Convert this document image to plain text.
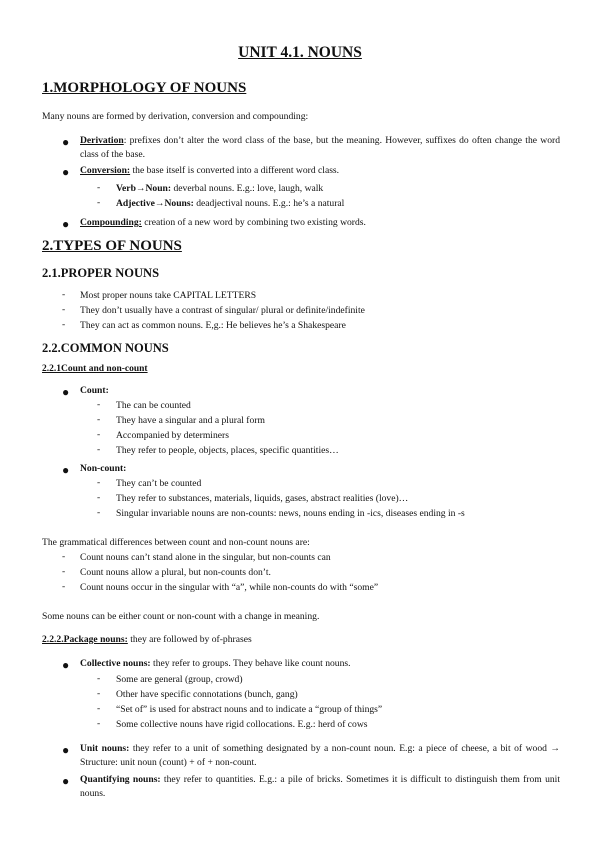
UNIT 4.1. NOUNS
1.MORPHOLOGY OF NOUNS
Many nouns are formed by derivation, conversion and compounding:
● Derivation: prefixes don’t alter the word class of the base, but the meaning. However, suffixes do often change the word class of the base.
● Conversion: the base itself is converted into a different word class.
- Verb→Noun: deverbal nouns. E.g.: love, laugh, walk
- Adjective→Nouns: deadjectival nouns. E.g.: he’s a natural
● Compounding: creation of a new word by combining two existing words.
2.TYPES OF NOUNS
2.1.PROPER NOUNS
- Most proper nouns take CAPITAL LETTERS
- They don’t usually have a contrast of singular/ plural or definite/indefinite
- They can act as common nouns. E,g.: He believes he’s a Shakespeare
2.2.COMMON NOUNS
2.2.1Count and non-count
● Count:
- The can be counted
- They have a singular and a plural form
- Accompanied by determiners
- They refer to people, objects, places, specific quantities…
● Non-count:
- They can’t be counted
- They refer to substances, materials, liquids, gases, abstract realities (love)…
- Singular invariable nouns are non-counts: news, nouns ending in -ics, diseases ending in -s
The grammatical differences between count and non-count nouns are:
- Count nouns can’t stand alone in the singular, but non-counts can
- Count nouns allow a plural, but non-counts don’t.
- Count nouns occur in the singular with “a”, while non-counts do with “some”
Some nouns can be either count or non-count with a change in meaning.
2.2.2.Package nouns: they are followed by of-phrases
● Collective nouns: they refer to groups. They behave like count nouns.
- Some are general (group, crowd)
- Other have specific connotations (bunch, gang)
- “Set of” is used for abstract nouns and to indicate a “group of things”
- Some collective nouns have rigid collocations. E.g.: herd of cows
● Unit nouns: they refer to a unit of something designated by a non-count noun. E.g: a piece of cheese, a bit of wood → Structure: unit noun (count) + of + non-count.
● Quantifying nouns: they refer to quantities. E.g.: a pile of bricks. Sometimes it is difficult to distinguish them from unit nouns.
